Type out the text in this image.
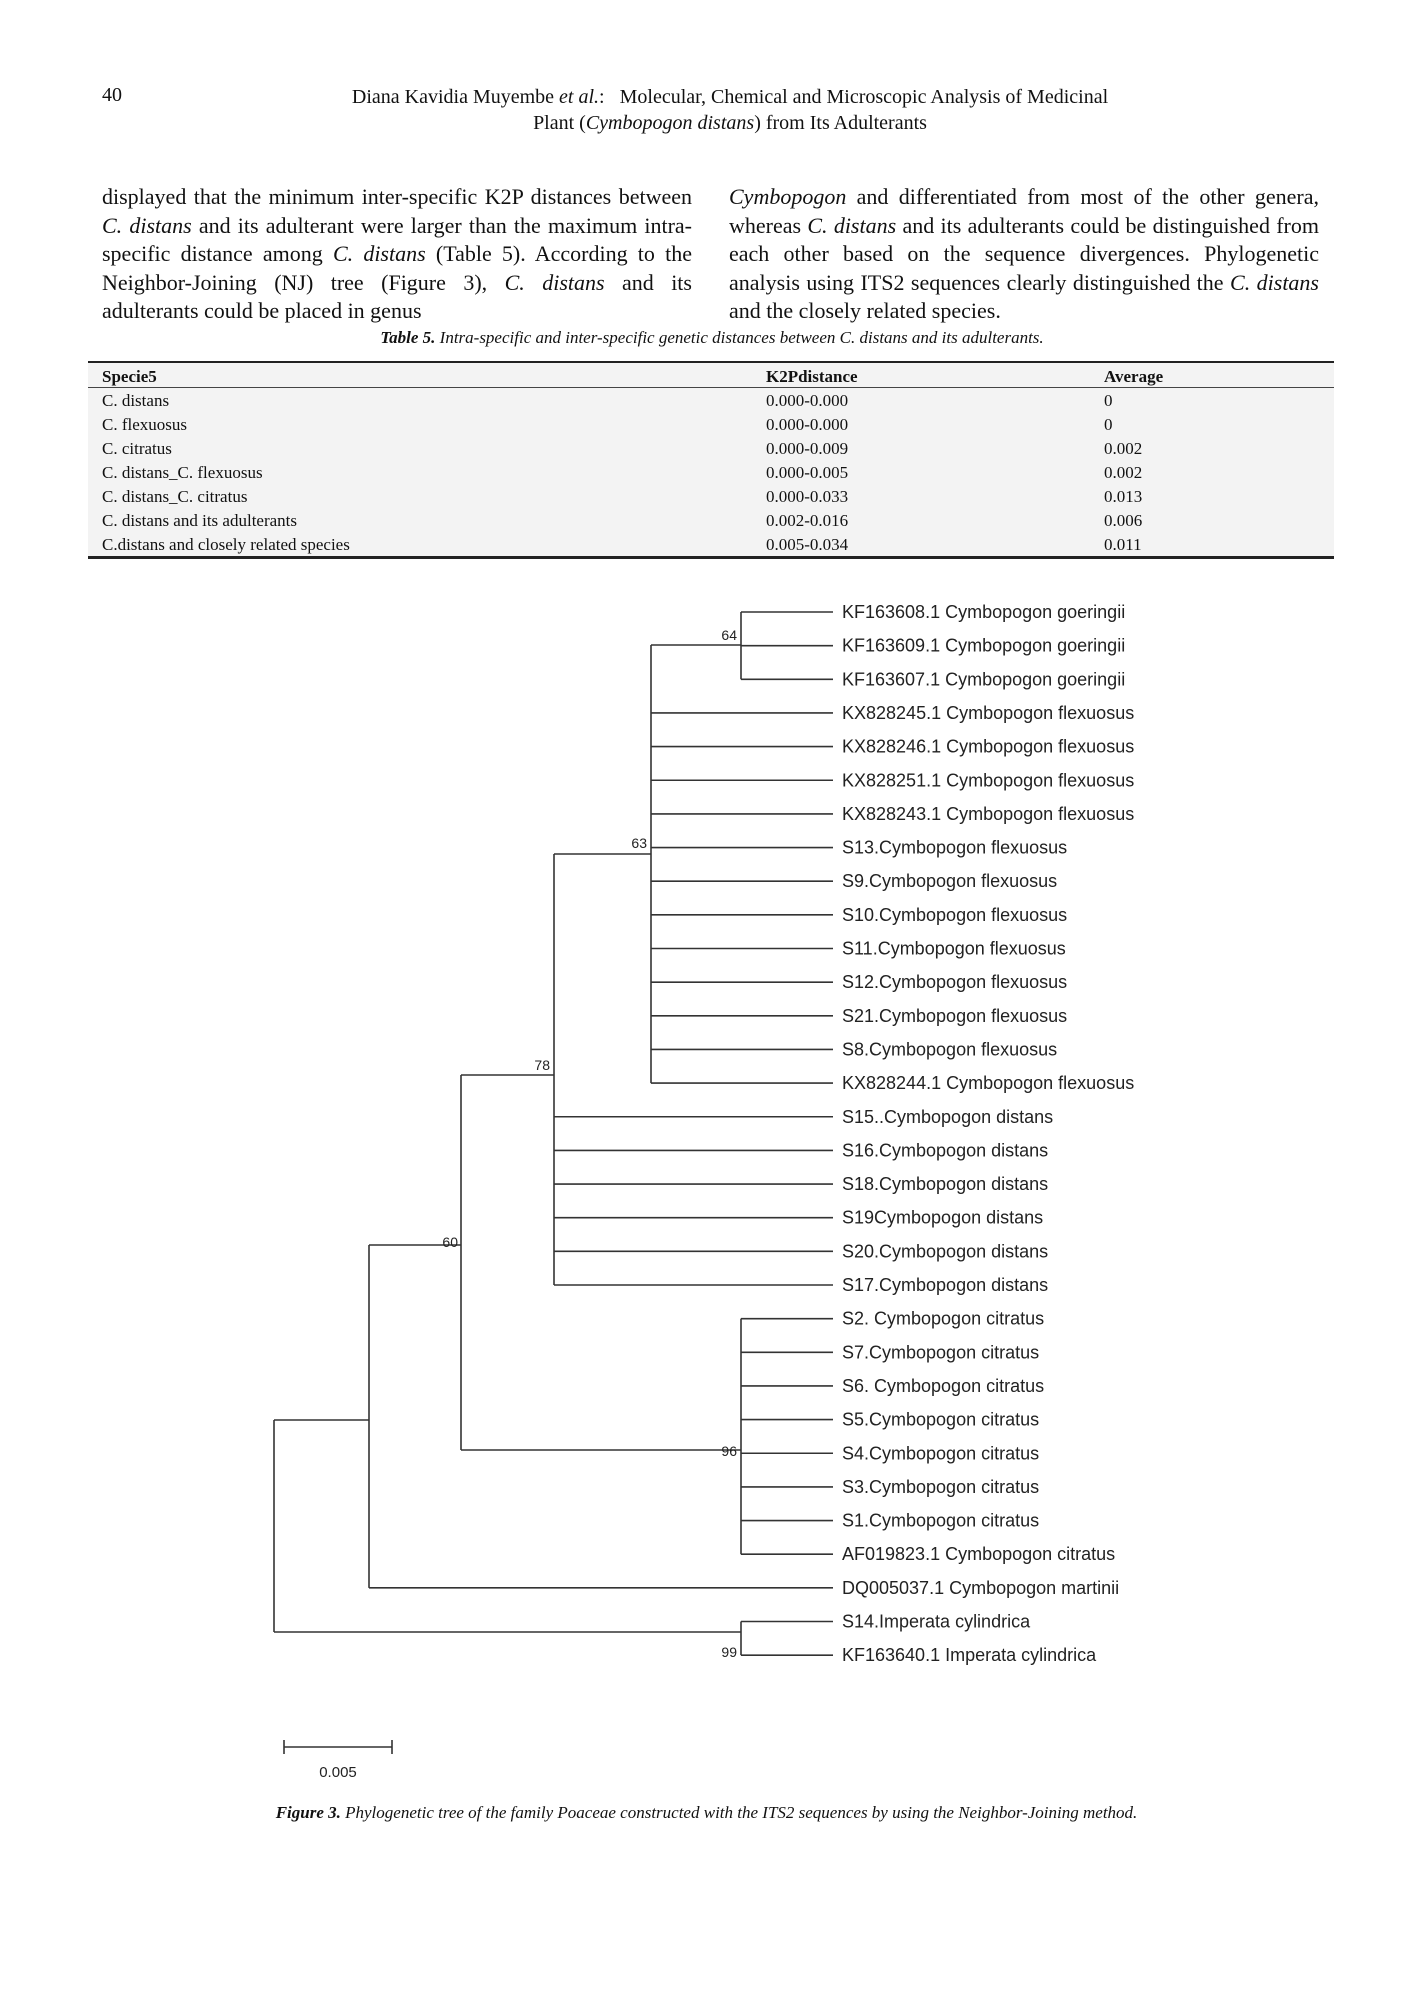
40	Diana Kavidia Muyembe et al.: Molecular, Chemical and Microscopic Analysis of Medicinal
Plant (Cymbopogon distans) from Its Adulterants

displayed that the minimum inter-specific K2P distances between C. distans and its adulterant were larger than the maximum intra-specific distance among C. distans (Table 5). According to the Neighbor-Joining (NJ) tree (Figure 3), C. distans and its adulterants could be placed in genus

Cymbopogon and differentiated from most of the other genera, whereas C. distans and its adulterants could be distinguished from each other based on the sequence divergences. Phylogenetic analysis using ITS2 sequences clearly distinguished the C. distans and the closely related species.

Table 5. Intra-specific and inter-specific genetic distances between C. distans and its adulterants.
Specie5	K2Pdistance	Average
C. distans	0.000-0.000	0
C. flexuosus	0.000-0.000	0
C. citratus	0.000-0.009	0.002
C. distans_C. flexuosus	0.000-0.005	0.002
C. distans_C. citratus	0.000-0.033	0.013
C. distans and its adulterants	0.002-0.016	0.006
C.distans and closely related species	0.005-0.034	0.011
KF163608.1 Cymbopogon goeringii
KF163609.1 Cymbopogon goeringii
KF163607.1 Cymbopogon goeringii
KX828245.1 Cymbopogon flexuosus
KX828246.1 Cymbopogon flexuosus
KX828251.1 Cymbopogon flexuosus
KX828243.1 Cymbopogon flexuosus
S13.Cymbopogon flexuosus
S9.Cymbopogon flexuosus
S10.Cymbopogon flexuosus
S11.Cymbopogon flexuosus
S12.Cymbopogon flexuosus
S21.Cymbopogon flexuosus
S8.Cymbopogon flexuosus
KX828244.1 Cymbopogon flexuosus
S15..Cymbopogon distans
S16.Cymbopogon distans
S18.Cymbopogon distans
S19Cymbopogon distans
S20.Cymbopogon distans
S17.Cymbopogon distans
S2. Cymbopogon citratus
S7.Cymbopogon citratus
S6. Cymbopogon citratus
S5.Cymbopogon citratus
S4.Cymbopogon citratus
S3.Cymbopogon citratus
S1.Cymbopogon citratus
AF019823.1 Cymbopogon citratus
DQ005037.1 Cymbopogon martinii
S14.Imperata cylindrica
KF163640.1 Imperata cylindrica
64
63
78
60
96
99
0.005
Figure 3. Phylogenetic tree of the family Poaceae constructed with the ITS2 sequences by using the Neighbor-Joining method.
